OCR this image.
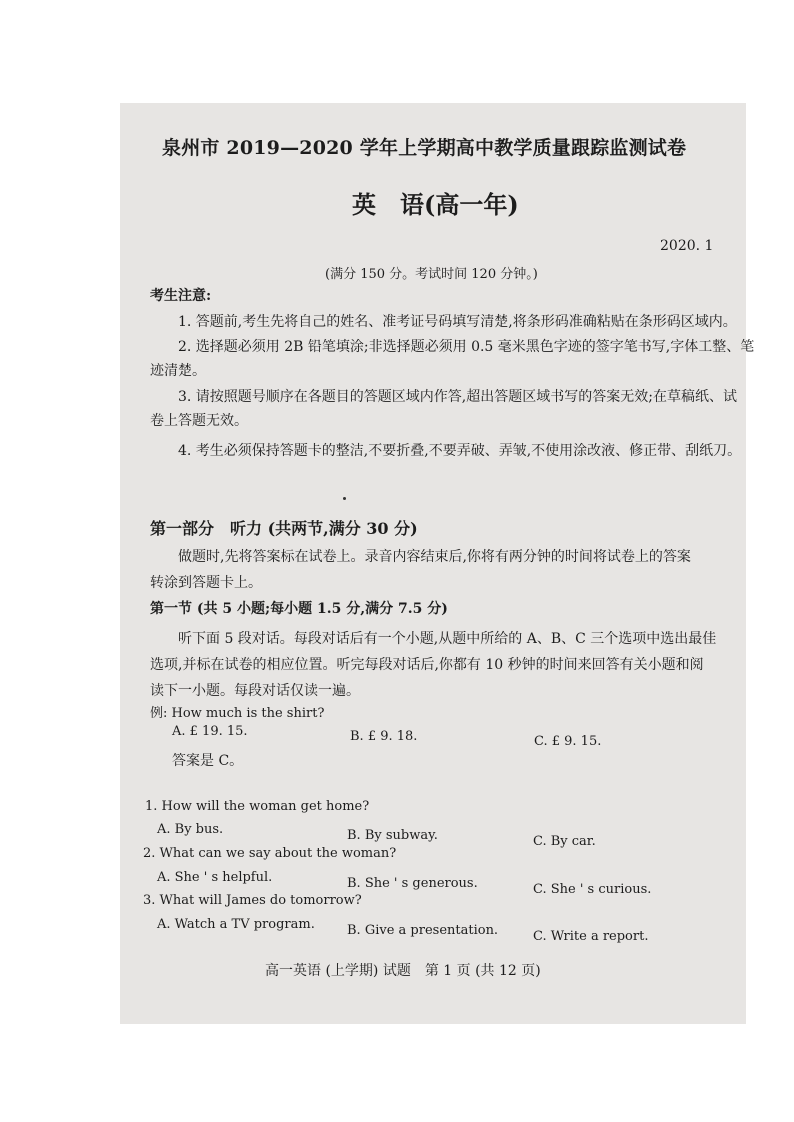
泉州市 2019—2020 学年上学期高中教学质量跟踪监测试卷
英　语(高一年)
2020. 1
(满分 150 分。考试时间 120 分钟。)
考生注意:
1. 答题前,考生先将自己的姓名、准考证号码填写清楚,将条形码准确粘贴在条形码区域内。
2. 选择题必须用 2B 铅笔填涂;非选择题必须用 0.5 毫米黑色字迹的签字笔书写,字体工整、笔
迹清楚。
3. 请按照题号顺序在各题目的答题区域内作答,超出答题区域书写的答案无效;在草稿纸、试
卷上答题无效。
4. 考生必须保持答题卡的整洁,不要折叠,不要弄破、弄皱,不使用涂改液、修正带、刮纸刀。
第一部分　听力 (共两节,满分 30 分)
做题时,先将答案标在试卷上。录音内容结束后,你将有两分钟的时间将试卷上的答案
转涂到答题卡上。
第一节 (共 5 小题;每小题 1.5 分,满分 7.5 分)
听下面 5 段对话。每段对话后有一个小题,从题中所给的 A、B、C 三个选项中选出最佳
选项,并标在试卷的相应位置。听完每段对话后,你都有 10 秒钟的时间来回答有关小题和阅
读下一小题。每段对话仅读一遍。
例: How much is the shirt?
A. £ 19. 15.	B. £ 9. 18.	C. £ 9. 15.
答案是 C。
1. How will the woman get home?
A. By bus.	B. By subway.	C. By car.
2. What can we say about the woman?
A. She ' s helpful.	B. She ' s generous.	C. She ' s curious.
3. What will James do tomorrow?
A. Watch a TV program. B. Give a presentation.	C. Write a report.
高一英语 (上学期) 试题　第 1 页 (共 12 页)
